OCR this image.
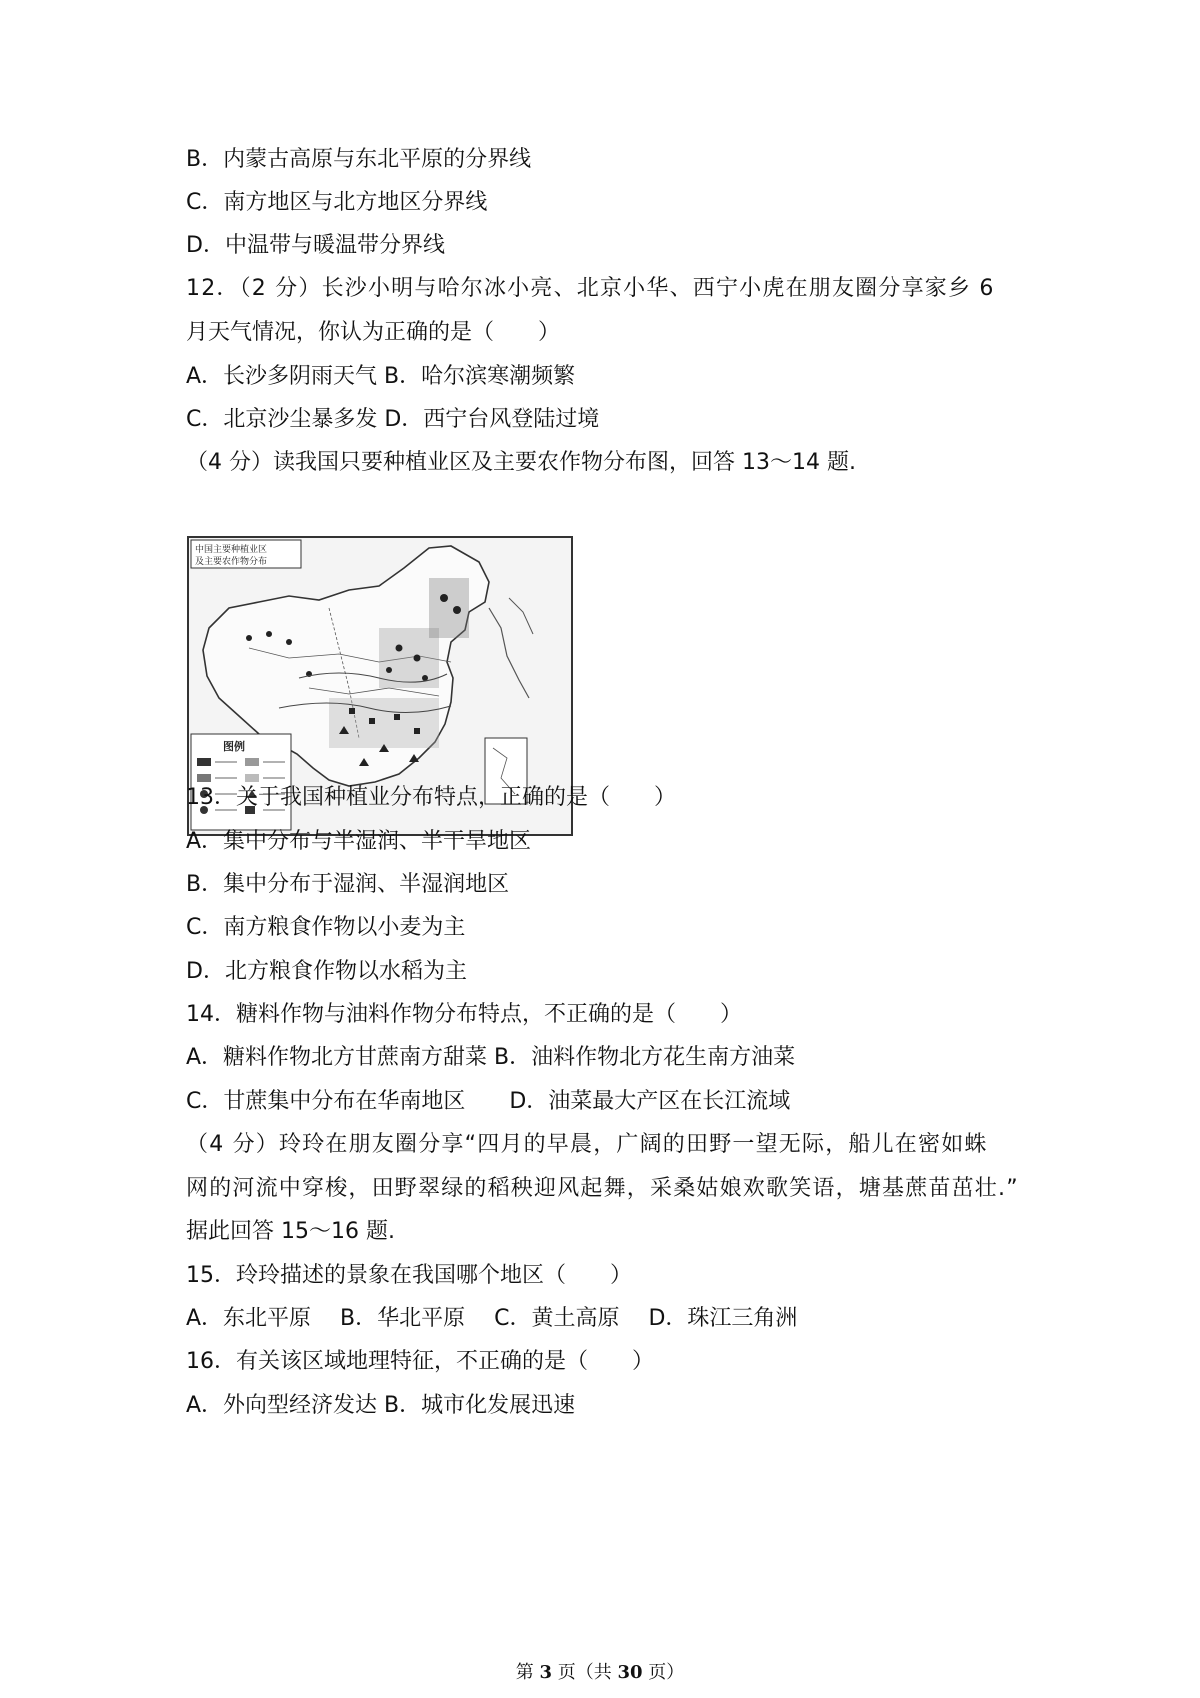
B．内蒙古高原与东北平原的分界线
C．南方地区与北方地区分界线
D．中温带与暖温带分界线
12．（2 分）长沙小明与哈尔冰小亮、北京小华、西宁小虎在朋友圈分享家乡 6
月天气情况，你认为正确的是（　　）
A．长沙多阴雨天气 B．哈尔滨寒潮频繁
C．北京沙尘暴多发 D．西宁台风登陆过境
（4 分）读我国只要种植业区及主要农作物分布图，回答 13～14 题.
中国主要种植业区
及主要农作物分布
图例
13．关于我国种植业分布特点，正确的是（　　）
A．集中分布与半湿润、半干旱地区
B．集中分布于湿润、半湿润地区
C．南方粮食作物以小麦为主
D．北方粮食作物以水稻为主
14．糖料作物与油料作物分布特点，不正确的是（　　）
A．糖料作物北方甘蔗南方甜菜 B．油料作物北方花生南方油菜
C．甘蔗集中分布在华南地区　　D．油菜最大产区在长江流域
（4 分）玲玲在朋友圈分享“四月的早晨，广阔的田野一望无际，船儿在密如蛛
网的河流中穿梭，田野翠绿的稻秧迎风起舞，采桑姑娘欢歌笑语，塘基蔗苗茁壮.”
据此回答 15～16 题.
15．玲玲描述的景象在我国哪个地区（　　）
A．东北平原　 B．华北平原　 C．黄土高原　 D．珠江三角洲
16．有关该区域地理特征，不正确的是（　　）
A．外向型经济发达 B．城市化发展迅速
第 3 页（共 30 页）
